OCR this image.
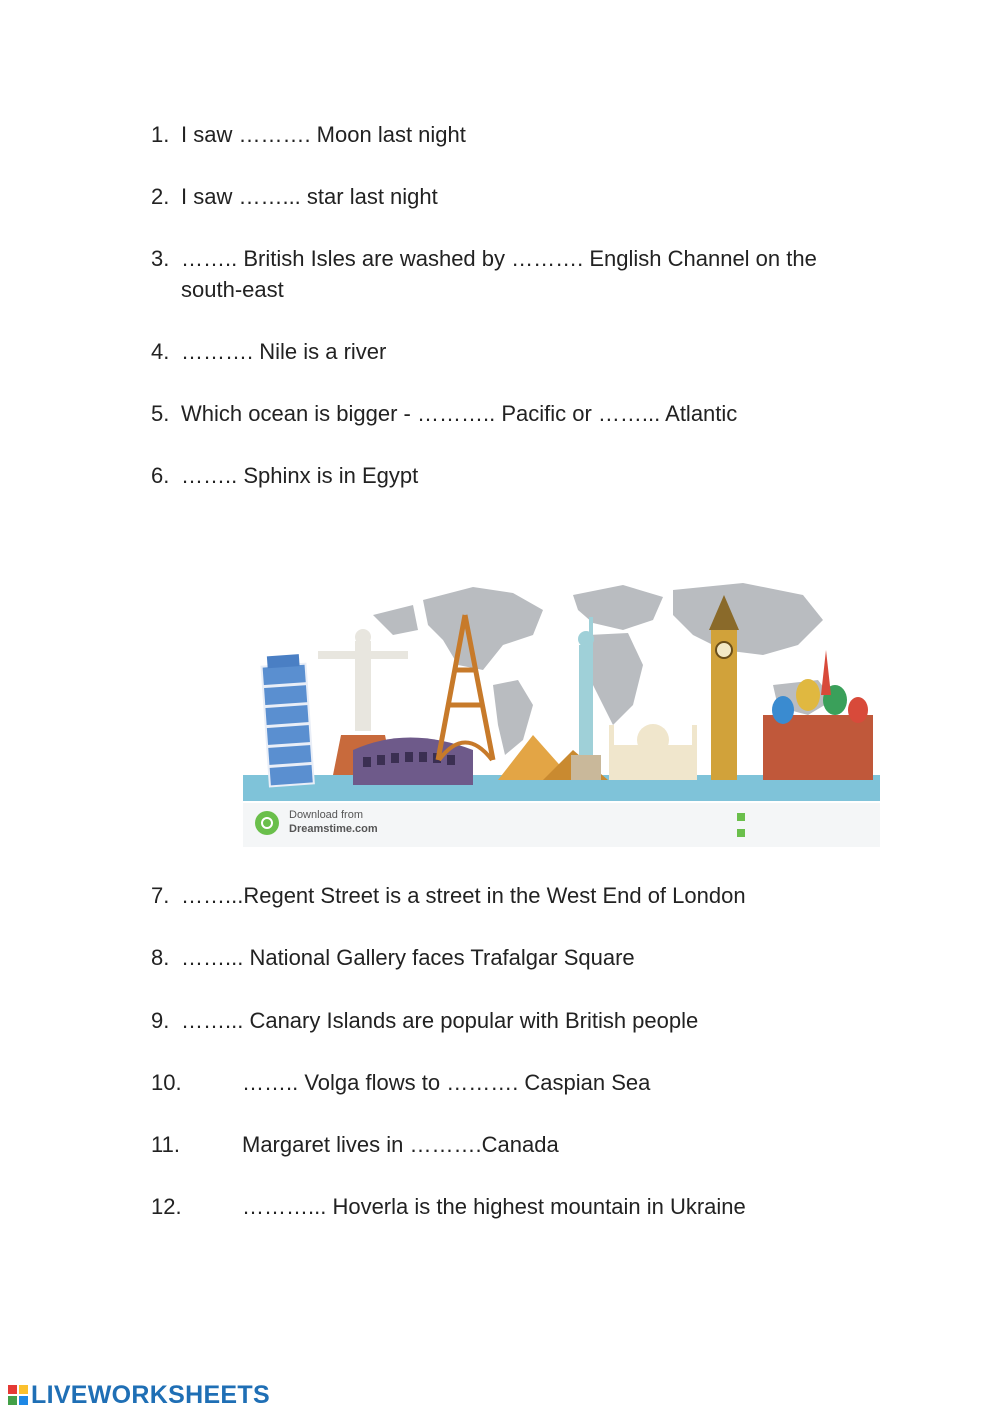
1. I saw ………. Moon last night
2. I saw ……... star last night
3. …….. British Isles are washed by ………. English Channel on the south-east
4. ………. Nile is a river
5. Which ocean is bigger - ……….. Pacific or ……... Atlantic
6. …….. Sphinx is in Egypt
Download from
Dreamstime.com
7. ……...Regent Street is a street in the West End of London
8. ……... National Gallery faces Trafalgar Square
9. ……... Canary Islands are popular with British people
10.	…….. Volga flows to ………. Caspian Sea
11.	Margaret lives in ……….Canada
12.	………... Hoverla is the highest mountain in Ukraine
LIVEWORKSHEETS
